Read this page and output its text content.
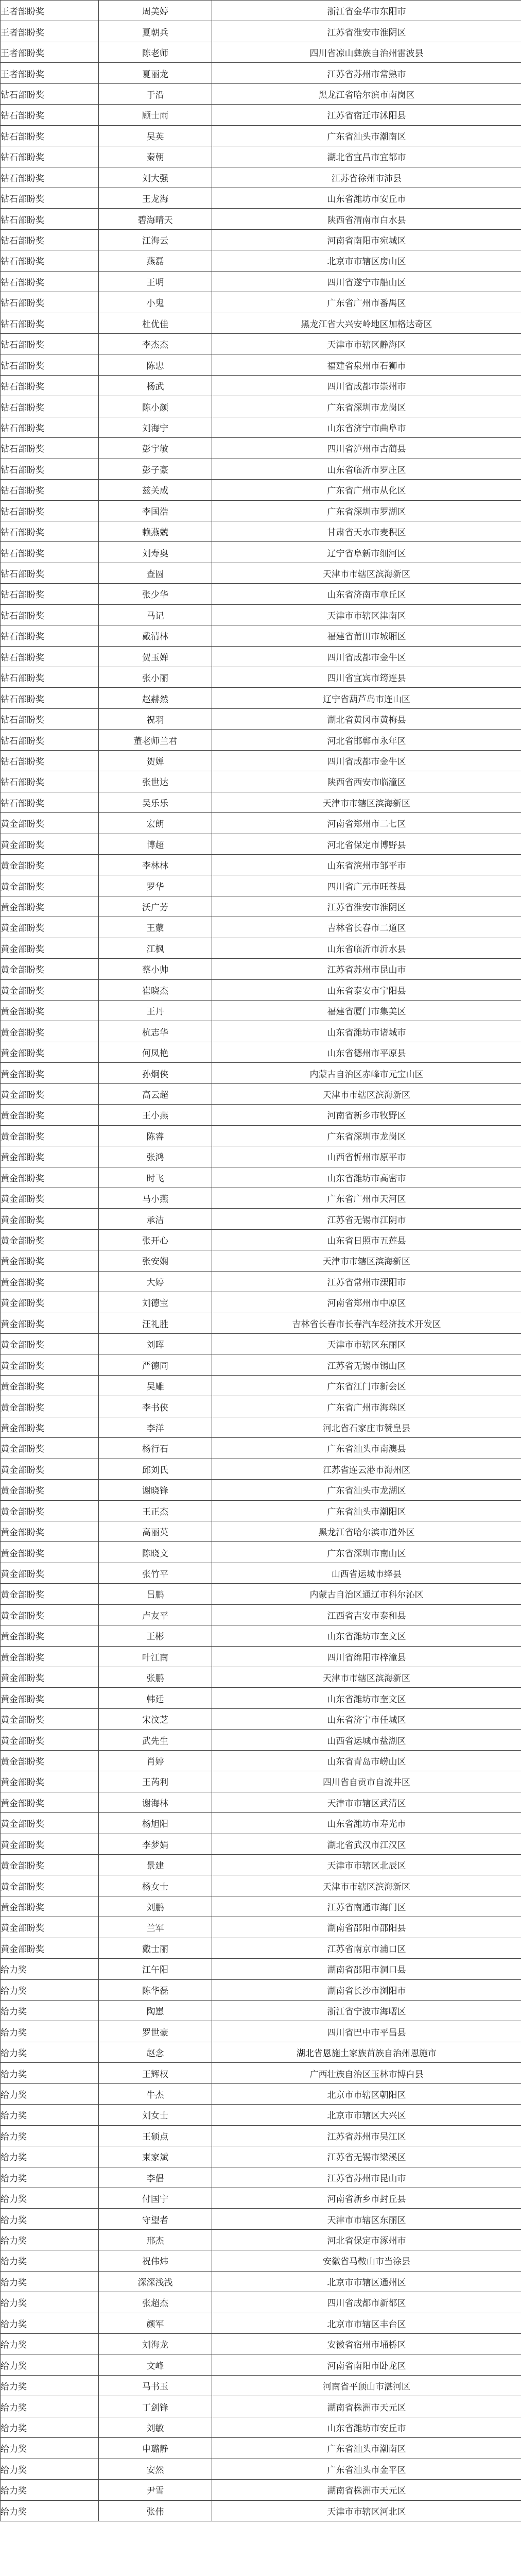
王者部盼奖	周美婷	浙江省金华市东阳市
王者部盼奖	夏朝兵	江苏省淮安市淮阴区
王者部盼奖	陈老师	四川省凉山彝族自治州雷波县
王者部盼奖	夏丽龙	江苏省苏州市常熟市
钻石部盼奖	于沿	黑龙江省哈尔滨市南岗区
钻石部盼奖	顾士雨	江苏省宿迁市沭阳县
钻石部盼奖	吴英	广东省汕头市潮南区
钻石部盼奖	秦朝	湖北省宜昌市宜都市
钻石部盼奖	刘大强	江苏省徐州市沛县
钻石部盼奖	王龙海	山东省潍坊市安丘市
钻石部盼奖	碧海晴天	陕西省渭南市白水县
钻石部盼奖	江海云	河南省南阳市宛城区
钻石部盼奖	燕磊	北京市市辖区房山区
钻石部盼奖	王明	四川省遂宁市船山区
钻石部盼奖	小鬼	广东省广州市番禺区
钻石部盼奖	杜优佳	黑龙江省大兴安岭地区加格达奇区
钻石部盼奖	李杰杰	天津市市辖区静海区
钻石部盼奖	陈忠	福建省泉州市石狮市
钻石部盼奖	杨武	四川省成都市崇州市
钻石部盼奖	陈小颜	广东省深圳市龙岗区
钻石部盼奖	刘海宁	山东省济宁市曲阜市
钻石部盼奖	彭宇敏	四川省泸州市古蔺县
钻石部盼奖	彭子豪	山东省临沂市罗庄区
钻石部盼奖	兹关成	广东省广州市从化区
钻石部盼奖	李国浩	广东省深圳市罗湖区
钻石部盼奖	赖燕兢	甘肃省天水市麦积区
钻石部盼奖	刘寿奥	辽宁省阜新市细河区
钻石部盼奖	查圆	天津市市辖区滨海新区
钻石部盼奖	张少华	山东省济南市章丘区
钻石部盼奖	马记	天津市市辖区津南区
钻石部盼奖	戴清林	福建省莆田市城厢区
钻石部盼奖	贺玉婵	四川省成都市金牛区
钻石部盼奖	张小丽	四川省宜宾市筠连县
钻石部盼奖	赵赫然	辽宁省葫芦岛市连山区
钻石部盼奖	祝羽	湖北省黄冈市黄梅县
钻石部盼奖	董老师兰君	河北省邯郸市永年区
钻石部盼奖	贺婵	四川省成都市金牛区
钻石部盼奖	张世达	陕西省西安市临潼区
钻石部盼奖	吴乐乐	天津市市辖区滨海新区
黄金部盼奖	宏朗	河南省郑州市二七区
黄金部盼奖	博超	河北省保定市博野县
黄金部盼奖	李林林	山东省滨州市邹平市
黄金部盼奖	罗华	四川省广元市旺苍县
黄金部盼奖	沃广芳	江苏省淮安市淮阴区
黄金部盼奖	王蒙	吉林省长春市二道区
黄金部盼奖	江枫	山东省临沂市沂水县
黄金部盼奖	蔡小帅	江苏省苏州市昆山市
黄金部盼奖	崔晓杰	山东省泰安市宁阳县
黄金部盼奖	王丹	福建省厦门市集美区
黄金部盼奖	杭志华	山东省潍坊市诸城市
黄金部盼奖	何凤艳	山东省德州市平原县
黄金部盼奖	孙炯侠	内蒙古自治区赤峰市元宝山区
黄金部盼奖	高云超	天津市市辖区滨海新区
黄金部盼奖	王小燕	河南省新乡市牧野区
黄金部盼奖	陈睿	广东省深圳市龙岗区
黄金部盼奖	张鸿	山西省忻州市原平市
黄金部盼奖	时飞	山东省潍坊市高密市
黄金部盼奖	马小燕	广东省广州市天河区
黄金部盼奖	承洁	江苏省无锡市江阴市
黄金部盼奖	张开心	山东省日照市五莲县
黄金部盼奖	张安娴	天津市市辖区滨海新区
黄金部盼奖	大婷	江苏省常州市溧阳市
黄金部盼奖	刘德宝	河南省郑州市中原区
黄金部盼奖	汪礼胜	吉林省长春市长春汽车经济技术开发区
黄金部盼奖	刘晖	天津市市辖区东丽区
黄金部盼奖	严德同	江苏省无锡市锡山区
黄金部盼奖	吴雕	广东省江门市新会区
黄金部盼奖	李书侠	广东省广州市海珠区
黄金部盼奖	李洋	河北省石家庄市赞皇县
黄金部盼奖	杨行石	广东省汕头市南澳县
黄金部盼奖	邱刘氏	江苏省连云港市海州区
黄金部盼奖	谢晓锋	广东省汕头市龙湖区
黄金部盼奖	王正杰	广东省汕头市潮阳区
黄金部盼奖	高丽英	黑龙江省哈尔滨市道外区
黄金部盼奖	陈晓文	广东省深圳市南山区
黄金部盼奖	张竹平	山西省运城市绛县
黄金部盼奖	吕鹏	内蒙古自治区通辽市科尔沁区
黄金部盼奖	卢友平	江西省吉安市泰和县
黄金部盼奖	王彬	山东省潍坊市奎文区
黄金部盼奖	叶江南	四川省绵阳市梓潼县
黄金部盼奖	张鹏	天津市市辖区滨海新区
黄金部盼奖	韩廷	山东省潍坊市奎文区
黄金部盼奖	宋汶芝	山东省济宁市任城区
黄金部盼奖	武先生	山西省运城市盐湖区
黄金部盼奖	肖婷	山东省青岛市崂山区
黄金部盼奖	王芮利	四川省自贡市自流井区
黄金部盼奖	谢海林	天津市市辖区武清区
黄金部盼奖	杨旭阳	山东省潍坊市寿光市
黄金部盼奖	李梦娟	湖北省武汉市江汉区
黄金部盼奖	景建	天津市市辖区北辰区
黄金部盼奖	杨女士	天津市市辖区滨海新区
黄金部盼奖	刘鹏	江苏省南通市海门区
黄金部盼奖	兰军	湖南省邵阳市邵阳县
黄金部盼奖	戴士丽	江苏省南京市浦口区
给力奖	江午阳	湖南省邵阳市洞口县
给力奖	陈华磊	湖南省长沙市浏阳市
给力奖	陶崽	浙江省宁波市海曙区
给力奖	罗世豪	四川省巴中市平昌县
给力奖	赵念	湖北省恩施土家族苗族自治州恩施市
给力奖	王辉权	广西壮族自治区玉林市博白县
给力奖	牛杰	北京市市辖区朝阳区
给力奖	刘女士	北京市市辖区大兴区
给力奖	王硕点	江苏省苏州市吴江区
给力奖	束家斌	江苏省无锡市梁溪区
给力奖	李倡	江苏省苏州市昆山市
给力奖	付国宁	河南省新乡市封丘县
给力奖	守望者	天津市市辖区东丽区
给力奖	邢杰	河北省保定市涿州市
给力奖	祝伟炜	安徽省马鞍山市当涂县
给力奖	深深浅浅	北京市市辖区通州区
给力奖	张超杰	四川省成都市新都区
给力奖	颜军	北京市市辖区丰台区
给力奖	刘海龙	安徽省宿州市埇桥区
给力奖	文峰	河南省南阳市卧龙区
给力奖	马书玉	河南省平顶山市湛河区
给力奖	丁剑锋	湖南省株洲市天元区
给力奖	刘敏	山东省潍坊市安丘市
给力奖	申璐静	广东省汕头市潮南区
给力奖	安然	广东省汕头市金平区
给力奖	尹雪	湖南省株洲市天元区
给力奖	张伟	天津市市辖区河北区
